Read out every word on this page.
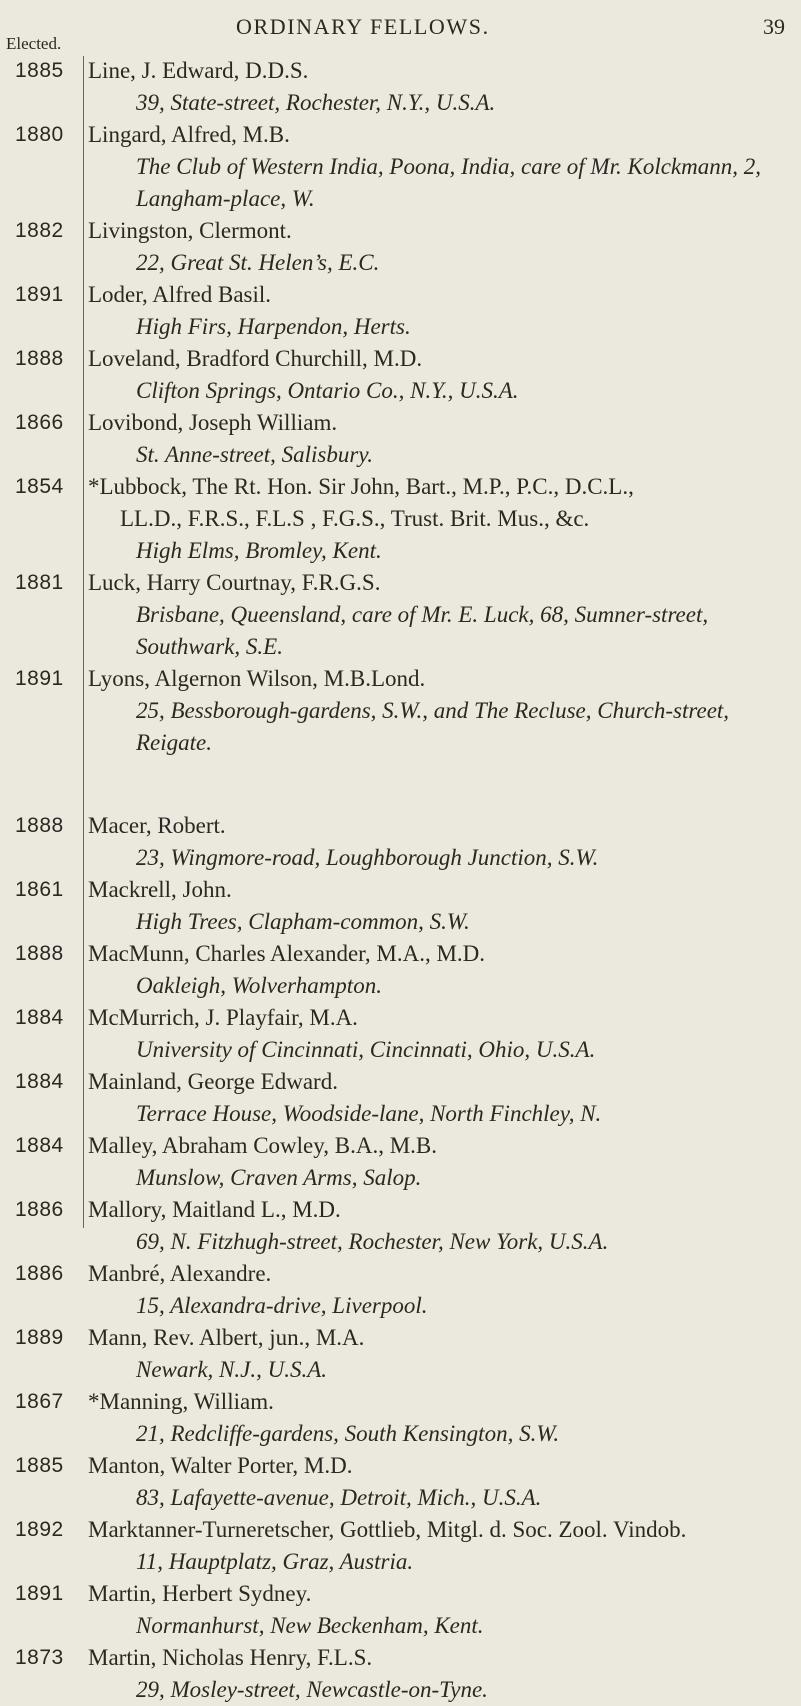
ORDINARY FELLOWS.	39
Elected.
1885	Line, J. Edward, D.D.S.
39, State-street, Rochester, N.Y., U.S.A.
1880	Lingard, Alfred, M.B.
The Club of Western India, Poona, India, care of Mr. Kolckmann, 2, Langham-place, W.
1882	Livingston, Clermont.
22, Great St. Helen’s, E.C.
1891	Loder, Alfred Basil.
High Firs, Harpendon, Herts.
1888	Loveland, Bradford Churchill, M.D.
Clifton Springs, Ontario Co., N.Y., U.S.A.
1866	Lovibond, Joseph William.
St. Anne-street, Salisbury.
1854	*Lubbock, The Rt. Hon. Sir John, Bart., M.P., P.C., D.C.L.,
LL.D., F.R.S., F.L.S , F.G.S., Trust. Brit. Mus., &c.
High Elms, Bromley, Kent.
1881	Luck, Harry Courtnay, F.R.G.S.
Brisbane, Queensland, care of Mr. E. Luck, 68, Sumner-street, Southwark, S.E.
1891	Lyons, Algernon Wilson, M.B.Lond.
25, Bessborough-gardens, S.W., and The Recluse, Church-street, Reigate.
1888	Macer, Robert.
23, Wingmore-road, Loughborough Junction, S.W.
1861	Mackrell, John.
High Trees, Clapham-common, S.W.
1888	MacMunn, Charles Alexander, M.A., M.D.
Oakleigh, Wolverhampton.
1884	McMurrich, J. Playfair, M.A.
University of Cincinnati, Cincinnati, Ohio, U.S.A.
1884	Mainland, George Edward.
Terrace House, Woodside-lane, North Finchley, N.
1884	Malley, Abraham Cowley, B.A., M.B.
Munslow, Craven Arms, Salop.
1886	Mallory, Maitland L., M.D.
69, N. Fitzhugh-street, Rochester, New York, U.S.A.
1886	Manbré, Alexandre.
15, Alexandra-drive, Liverpool.
1889	Mann, Rev. Albert, jun., M.A.
Newark, N.J., U.S.A.
1867	*Manning, William.
21, Redcliffe-gardens, South Kensington, S.W.
1885	Manton, Walter Porter, M.D.
83, Lafayette-avenue, Detroit, Mich., U.S.A.
1892	Marktanner-Turneretscher, Gottlieb, Mitgl. d. Soc. Zool. Vindob.
11, Hauptplatz, Graz, Austria.
1891	Martin, Herbert Sydney.
Normanhurst, New Beckenham, Kent.
1873	Martin, Nicholas Henry, F.L.S.
29, Mosley-street, Newcastle-on-Tyne.
